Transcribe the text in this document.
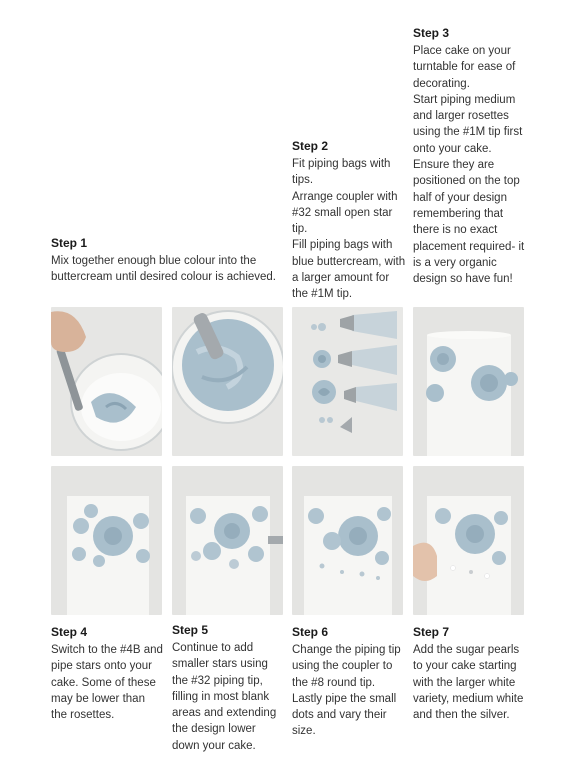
Step 1

Mix together enough blue colour into the buttercream until desired colour is achieved.

Step 2

Fit piping bags with tips.
Arrange coupler with #32 small open star tip.
Fill piping bags with blue buttercream, with a larger amount for the #1M tip.

Step 3

Place cake on your turntable for ease of decorating.
Start piping medium and larger rosettes using the #1M tip first onto your cake. Ensure they are positioned on the top half of your design remembering that there is no exact placement required- it is a very organic design so have fun!

Step 4

Switch to the #4B and pipe stars onto your cake. Some of these may be lower than the rosettes.

Step 5

Continue to add smaller stars using the #32 piping tip, filling in most blank areas and extending the design lower down your cake.

Step 6

Change the piping tip using the coupler to the #8 round tip. Lastly pipe the small dots and vary their size.

Step 7

Add the sugar pearls to your cake starting with the larger white variety, medium white and then the silver.
